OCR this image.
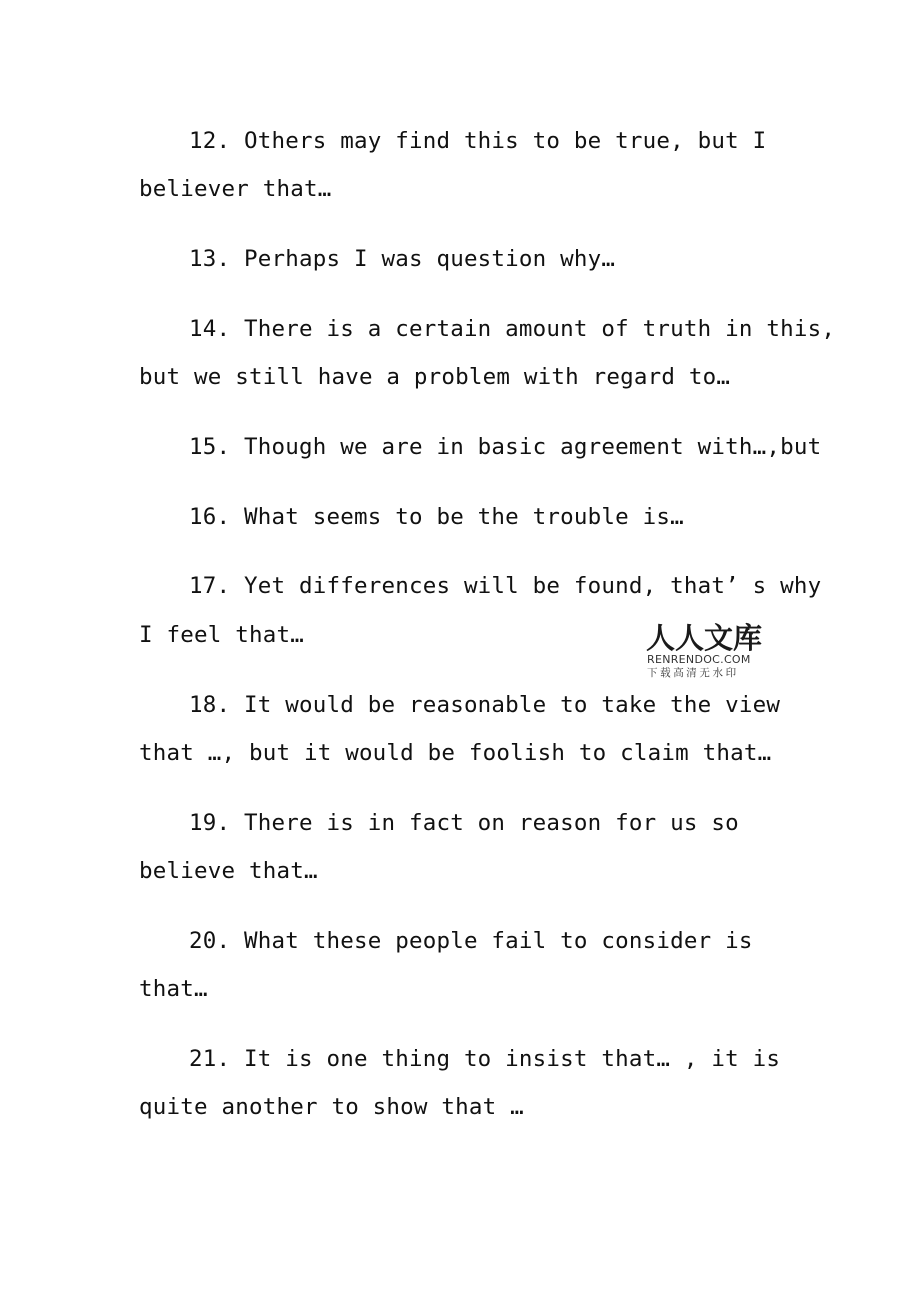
12. Others may find this to be true, but I
believer that…
13. Perhaps I was question why…
14. There is a certain amount of truth in this,
but we still have a problem with regard to…
15. Though we are in basic agreement with…,but
16. What seems to be the trouble is…
17. Yet differences will be found, that’ s why
I feel that…
18. It would be reasonable to take the view
that …, but it would be foolish to claim that…
19. There is in fact on reason for us so
believe that…
20. What these people fail to consider is
that…
21. It is one thing to insist that… , it is
quite another to show that …
人人文库
RENRENDOC.COM
下载高清无水印
